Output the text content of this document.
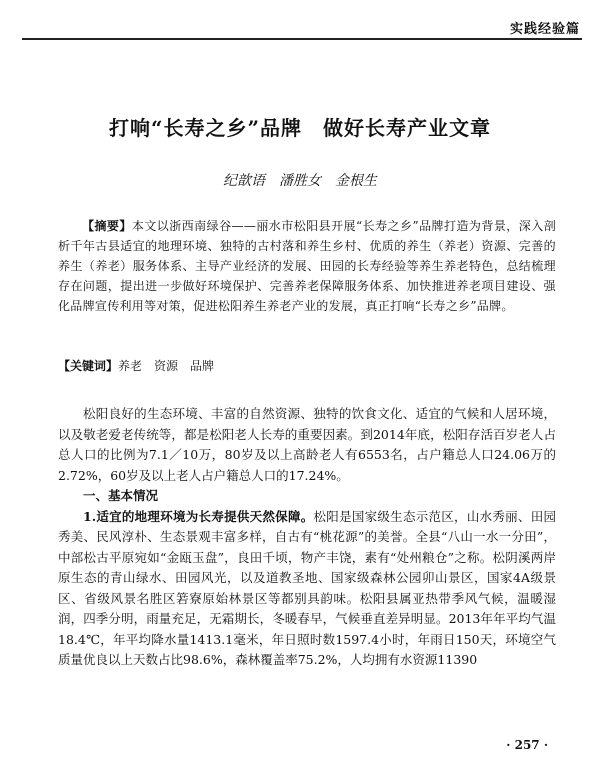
实践经验篇
打响“长寿之乡”品牌　做好长寿产业文章
纪歆语　潘胜女　金根生
【摘要】本文以浙西南绿谷——丽水市松阳县开展“长寿之乡”品牌打造为背景，深入剖析千年古县适宜的地理环境、独特的古村落和养生乡村、优质的养生（养老）资源、完善的养生（养老）服务体系、主导产业经济的发展、田园的长寿经验等养生养老特色，总结梳理存在问题，提出进一步做好环境保护、完善养老保障服务体系、加快推进养老项目建设、强化品牌宣传利用等对策，促进松阳养生养老产业的发展，真正打响“长寿之乡”品牌。
【关键词】养老　资源　品牌

松阳良好的生态环境、丰富的自然资源、独特的饮食文化、适宜的气候和人居环境，以及敬老爱老传统等，都是松阳老人长寿的重要因素。到2014年底，松阳存活百岁老人占总人口的比例为7.1／10万，80岁及以上高龄老人有6553名，占户籍总人口24.06万的2.72%，60岁及以上老人占户籍总人口的17.24%。

一、基本情况

1.适宜的地理环境为长寿提供天然保障。松阳是国家级生态示范区，山水秀丽、田园秀美、民风淳朴、生态景观丰富多样，自古有“桃花源”的美誉。全县“八山一水一分田”，中部松古平原宛如“金瓯玉盘”，良田千顷，物产丰饶，素有“处州粮仓”之称。松阴溪两岸原生态的青山绿水、田园风光，以及道教圣地、国家级森林公园卯山景区，国家4A级景区、省级风景名胜区箬寮原始林景区等都别具韵味。松阳县属亚热带季风气候，温暖湿润，四季分明，雨量充足，无霜期长，冬暖春早，气候垂直差异明显。2013年年平均气温18.4℃，年平均降水量1413.1毫米，年日照时数1597.4小时，年雨日150天，环境空气质量优良以上天数占比98.6%，森林覆盖率75.2%，人均拥有水资源11390

· 257 ·
